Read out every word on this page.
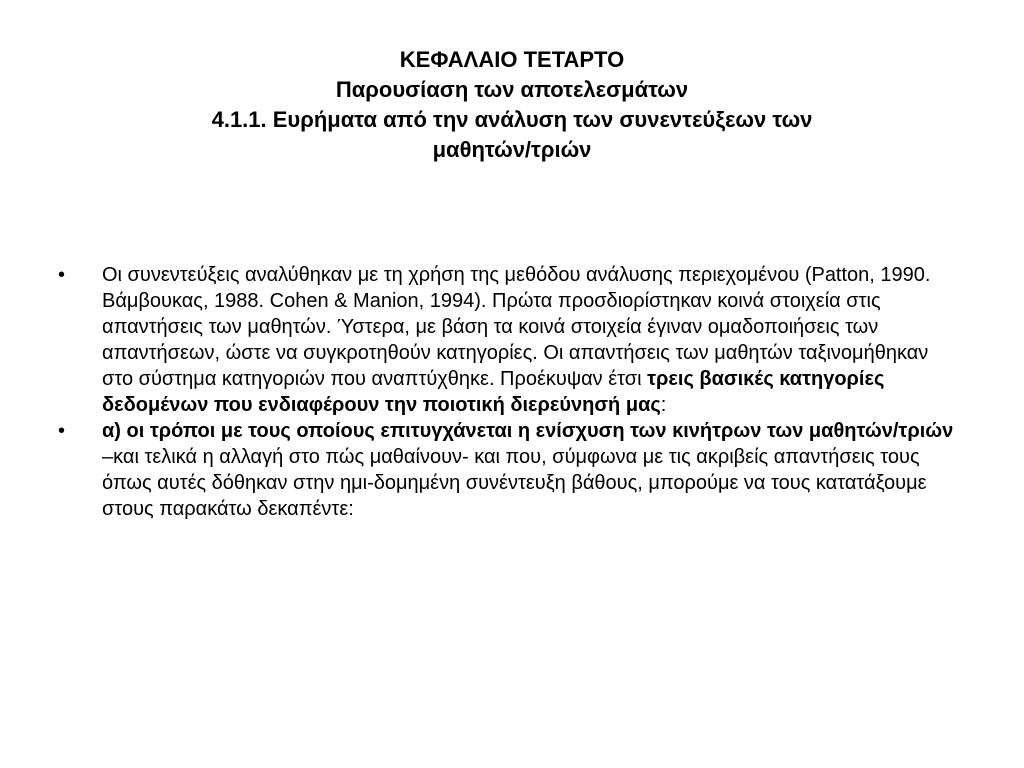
ΚΕΦΑΛΑΙΟ ΤΕΤΑΡΤΟ
Παρουσίαση των αποτελεσμάτων
4.1.1. Ευρήματα από την ανάλυση των συνεντεύξεων των
μαθητών/τριών
•	Οι συνεντεύξεις αναλύθηκαν με τη χρήση της μεθόδου ανάλυσης περιεχομένου (Patton, 1990. Βάμβουκας, 1988. Cohen & Manion, 1994). Πρώτα προσδιορίστηκαν κοινά στοιχεία στις απαντήσεις των μαθητών. Ύστερα, με βάση τα κοινά στοιχεία έγιναν ομαδοποιήσεις των απαντήσεων, ώστε να συγκροτηθούν κατηγορίες. Οι απαντήσεις των μαθητών ταξινομήθηκαν στο σύστημα κατηγοριών που αναπτύχθηκε. Προέκυψαν έτσι τρεις βασικές κατηγορίες δεδομένων που ενδιαφέρουν την ποιοτική διερεύνησή μας:
•	α) οι τρόποι με τους οποίους επιτυγχάνεται η ενίσχυση των κινήτρων των μαθητών/τριών –και τελικά η αλλαγή στο πώς μαθαίνουν- και που, σύμφωνα με τις ακριβείς απαντήσεις τους όπως αυτές δόθηκαν στην ημι-δομημένη συνέντευξη βάθους, μπορούμε να τους κατατάξουμε στους παρακάτω δεκαπέντε:
